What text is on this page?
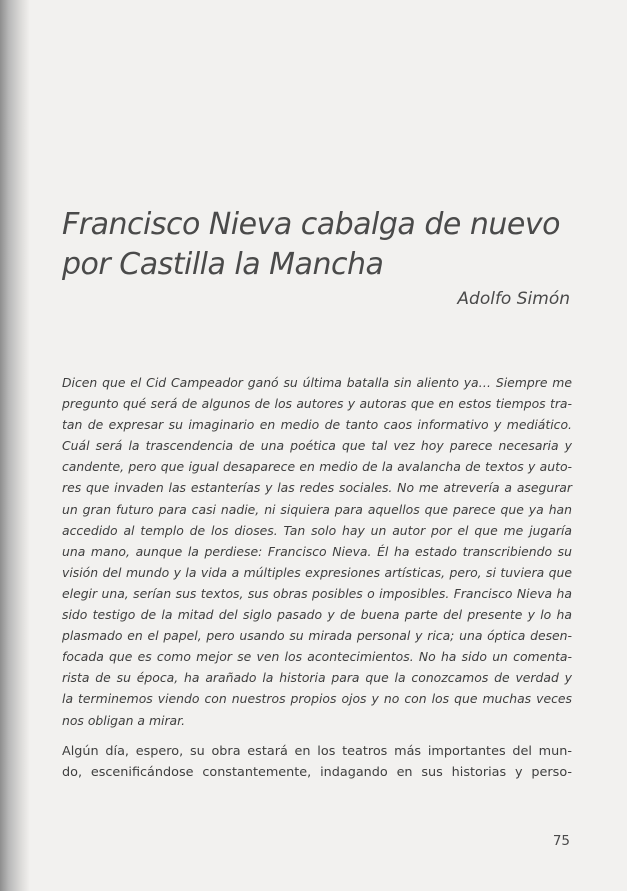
Francisco Nieva cabalga de nuevo
por Castilla la Mancha

Adolfo Simón

Dicen que el Cid Campeador ganó su última batalla sin aliento ya… Siempre me
pregunto qué será de algunos de los autores y autoras que en estos tiempos tra-
tan de expresar su imaginario en medio de tanto caos informativo y mediático.
Cuál será la trascendencia de una poética que tal vez hoy parece necesaria y
candente, pero que igual desaparece en medio de la avalancha de textos y auto-
res que invaden las estanterías y las redes sociales. No me atrevería a asegurar
un gran futuro para casi nadie, ni siquiera para aquellos que parece que ya han
accedido al templo de los dioses. Tan solo hay un autor por el que me jugaría
una mano, aunque la perdiese: Francisco Nieva. Él ha estado transcribiendo su
visión del mundo y la vida a múltiples expresiones artísticas, pero, si tuviera que
elegir una, serían sus textos, sus obras posibles o imposibles. Francisco Nieva ha
sido testigo de la mitad del siglo pasado y de buena parte del presente y lo ha
plasmado en el papel, pero usando su mirada personal y rica; una óptica desen-
focada que es como mejor se ven los acontecimientos. No ha sido un comenta-
rista de su época, ha arañado la historia para que la conozcamos de verdad y
la terminemos viendo con nuestros propios ojos y no con los que muchas veces
nos obligan a mirar.

Algún día, espero, su obra estará en los teatros más importantes del mun-
do, escenificándose constantemente, indagando en sus historias y perso-

75
